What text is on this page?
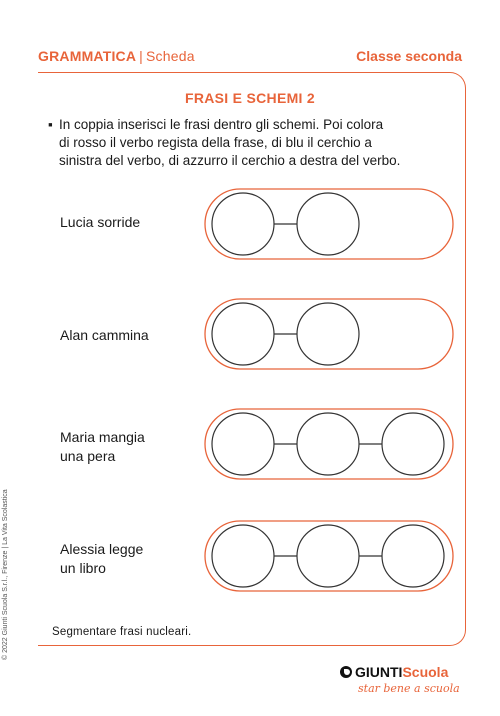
GRAMMATICA | Scheda	Classe seconda
FRASI E SCHEMI 2
▪ In coppia inserisci le frasi dentro gli schemi. Poi colora
di rosso il verbo regista della frase, di blu il cerchio a
sinistra del verbo, di azzurro il cerchio a destra del verbo.
Lucia sorride
Alan cammina
Maria mangia
una pera
Alessia legge
un libro
Segmentare frasi nucleari.
© 2022 Giunti Scuola S.r.l., Firenze | La Vita Scolastica
GIUNTIScuola
star bene a scuola
